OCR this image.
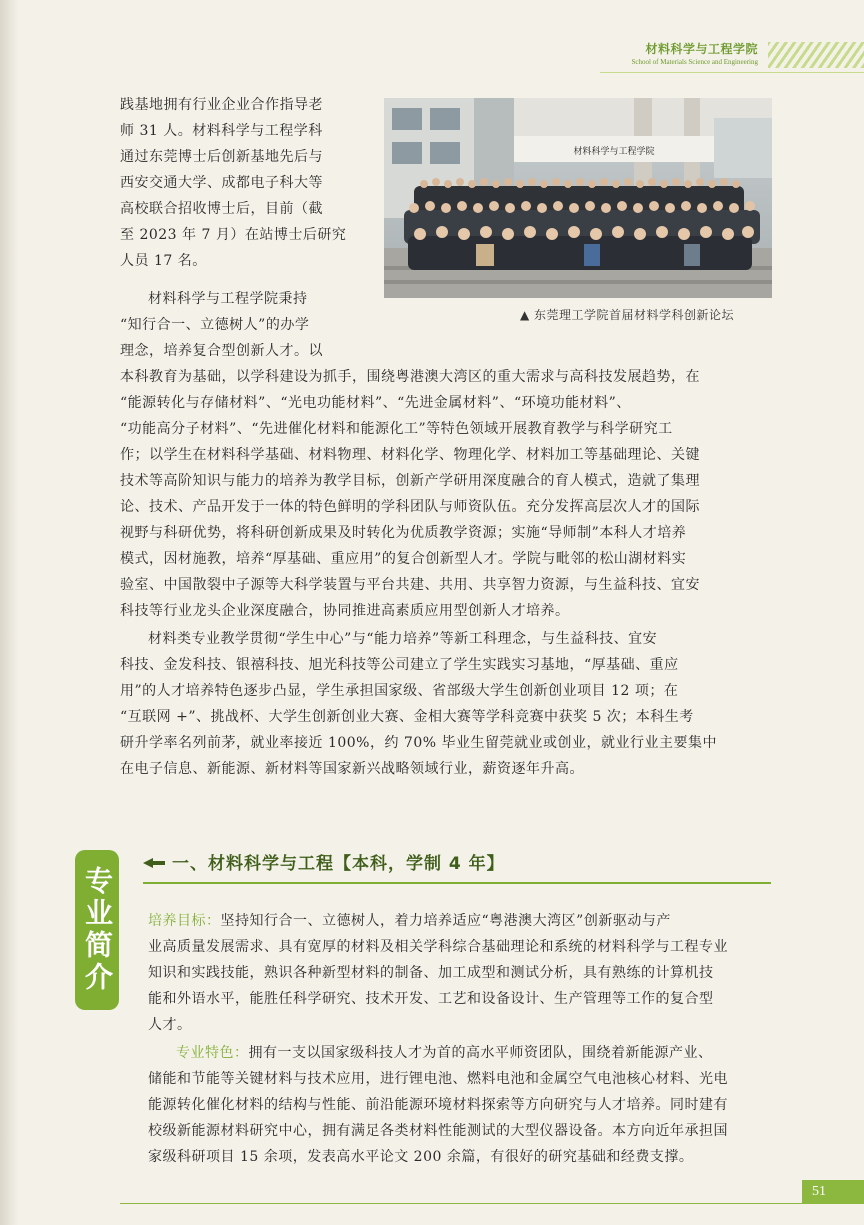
材料科学与工程学院
School of Materials Science and Engineering

践基地拥有行业企业合作指导老
师 31 人。材料科学与工程学科
通过东莞博士后创新基地先后与
西安交通大学、成都电子科大等
高校联合招收博士后，目前（截
至 2023 年 7 月）在站博士后研究
人员 17 名。

材料科学与工程学院
▲ 东莞理工学院首届材料学科创新论坛

材料科学与工程学院秉持

“知行合一、立德树人”的办学
理念，培养复合型创新人才。以

本科教育为基础，以学科建设为抓手，围绕粤港澳大湾区的重大需求与高科技发展趋势，在
“能源转化与存储材料”、“光电功能材料”、“先进金属材料”、“环境功能材料”、
“功能高分子材料”、“先进催化材料和能源化工”等特色领域开展教育教学与科学研究工
作；以学生在材料科学基础、材料物理、材料化学、物理化学、材料加工等基础理论、关键
技术等高阶知识与能力的培养为教学目标，创新产学研用深度融合的育人模式，造就了集理
论、技术、产品开发于一体的特色鲜明的学科团队与师资队伍。充分发挥高层次人才的国际
视野与科研优势，将科研创新成果及时转化为优质教学资源；实施“导师制”本科人才培养
模式，因材施教，培养“厚基础、重应用”的复合创新型人才。学院与毗邻的松山湖材料实
验室、中国散裂中子源等大科学装置与平台共建、共用、共享智力资源，与生益科技、宜安
科技等行业龙头企业深度融合，协同推进高素质应用型创新人才培养。

材料类专业教学贯彻“学生中心”与“能力培养”等新工科理念，与生益科技、宜安
科技、金发科技、银禧科技、旭光科技等公司建立了学生实践实习基地，“厚基础、重应
用”的人才培养特色逐步凸显，学生承担国家级、省部级大学生创新创业项目 12 项；在
“互联网 +”、挑战杯、大学生创新创业大赛、金相大赛等学科竞赛中获奖 5 次；本科生考
研升学率名列前茅，就业率接近 100%，约 70% 毕业生留莞就业或创业，就业行业主要集中
在电子信息、新能源、新材料等国家新兴战略领域行业，薪资逐年升高。

专业简介
一、材料科学与工程【本科，学制 4 年】

培养目标：坚持知行合一、立德树人，着力培养适应“粤港澳大湾区”创新驱动与产

业高质量发展需求、具有宽厚的材料及相关学科综合基础理论和系统的材料科学与工程专业
知识和实践技能，熟识各种新型材料的制备、加工成型和测试分析，具有熟练的计算机技
能和外语水平，能胜任科学研究、技术开发、工艺和设备设计、生产管理等工作的复合型
人才。

专业特色：拥有一支以国家级科技人才为首的高水平师资团队，围绕着新能源产业、

储能和节能等关键材料与技术应用，进行锂电池、燃料电池和金属空气电池核心材料、光电
能源转化催化材料的结构与性能、前沿能源环境材料探索等方向研究与人才培养。同时建有
校级新能源材料研究中心，拥有满足各类材料性能测试的大型仪器设备。本方向近年承担国
家级科研项目 15 余项，发表高水平论文 200 余篇，有很好的研究基础和经费支撑。

51
